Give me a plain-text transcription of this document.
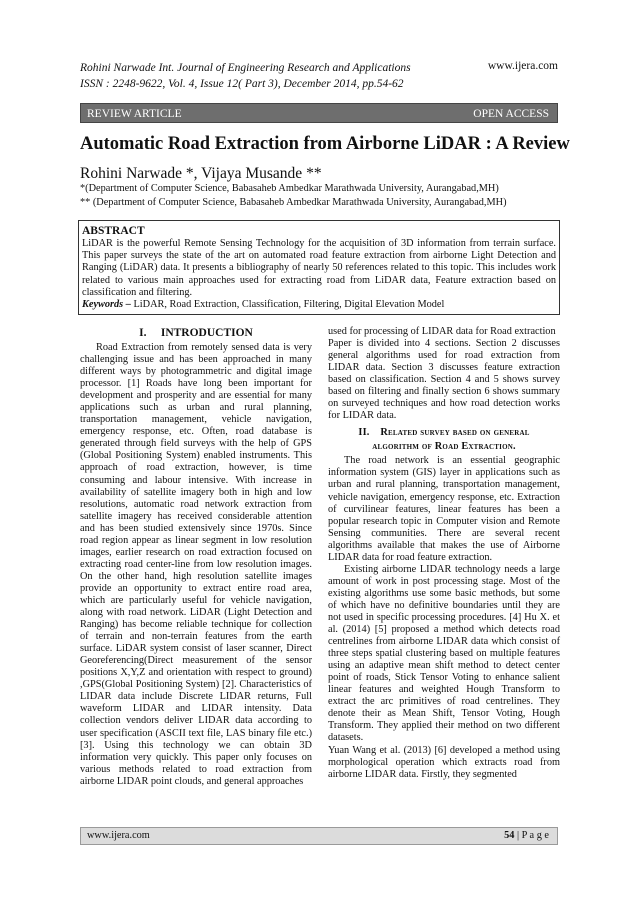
Rohini Narwade Int. Journal of Engineering Research and Applications
ISSN : 2248-9622, Vol. 4, Issue 12( Part 3), December 2014, pp.54-62
www.ijera.com
REVIEW ARTICLE	OPEN ACCESS
Automatic Road Extraction from Airborne LiDAR : A Review
Rohini Narwade *, Vijaya Musande **
*(Department of Computer Science, Babasaheb Ambedkar Marathwada University, Aurangabad,MH)
** (Department of Computer Science, Babasaheb Ambedkar Marathwada University, Aurangabad,MH)
ABSTRACT

LiDAR is the powerful Remote Sensing Technology for the acquisition of 3D information from terrain surface. This paper surveys the state of the art on automated road feature extraction from airborne Light Detection and Ranging (LiDAR) data. It presents a bibliography of nearly 50 references related to this topic. This includes work related to various main approaches used for extracting road from LiDAR data, Feature extraction based on classification and filtering.

Keywords – LiDAR, Road Extraction, Classification, Filtering, Digital Elevation Model

I.     INTRODUCTION

Road Extraction from remotely sensed data is very challenging issue and has been approached in many different ways by photogrammetric and digital image processor. [1] Roads have long been important for development and prosperity and are essential for many applications such as urban and rural planning, transportation management, vehicle navigation, emergency response, etc. Often, road database is generated through field surveys with the help of GPS (Global Positioning System) enabled instruments. This approach of road extraction, however, is time consuming and labour intensive. With increase in availability of satellite imagery both in high and low resolutions, automatic road network extraction from satellite imagery has received considerable attention and has been studied extensively since 1970s. Since road region appear as linear segment in low resolution images, earlier research on road extraction focused on extracting road center-line from low resolution images. On the other hand, high resolution satellite images provide an opportunity to extract entire road area, which are particularly useful for vehicle navigation, along with road network. LiDAR (Light Detection and Ranging) has become reliable technique for collection of terrain and non-terrain features from the earth surface. LiDAR system consist of laser scanner, Direct Georeferencing(Direct measurement of the sensor positions X,Y,Z and orientation with respect to ground) ,GPS(Global Positioning System) [2]. Characteristics of LIDAR data include Discrete LIDAR returns, Full waveform LIDAR and LIDAR intensity. Data collection vendors deliver LIDAR data according to user specification (ASCII text file, LAS binary file etc.) [3]. Using this technology we can obtain 3D information very quickly. This paper only focuses on various methods related to road extraction from airborne LIDAR point clouds, and general approaches

used for processing of LIDAR data for Road extraction

Paper is divided into 4 sections. Section 2 discusses general algorithms used for road extraction from LIDAR data. Section 3 discusses feature extraction based on classification. Section 4 and 5 shows survey based on filtering and finally section 6 shows summary on surveyed techniques and how road detection works for LIDAR data.

II. Related survey based on general
algorithm of Road Extraction.

The road network is an essential geographic information system (GIS) layer in applications such as urban and rural planning, transportation management, vehicle navigation, emergency response, etc. Extraction of curvilinear features, linear features has been a popular research topic in Computer vision and Remote Sensing communities. There are several recent algorithms available that makes the use of Airborne LIDAR data for road feature extraction.

Existing airborne LIDAR technology needs a large amount of work in post processing stage. Most of the existing algorithms use some basic methods, but some of which have no definitive boundaries until they are not used in specific processing procedures. [4] Hu X. et al. (2014) [5] proposed a method which detects road centrelines from airborne LIDAR data which consist of three steps spatial clustering based on multiple features using an adaptive mean shift method to detect center point of roads, Stick Tensor Voting to enhance salient linear features and weighted Hough Transform to extract the arc primitives of road centrelines. They denote their as Mean Shift, Tensor Voting, Hough Transform. They applied their method on two different datasets.

Yuan Wang et al. (2013) [6] developed a method using morphological operation which extracts road from airborne LIDAR data. Firstly, they segmented

www.ijera.com	54 | P a g e
